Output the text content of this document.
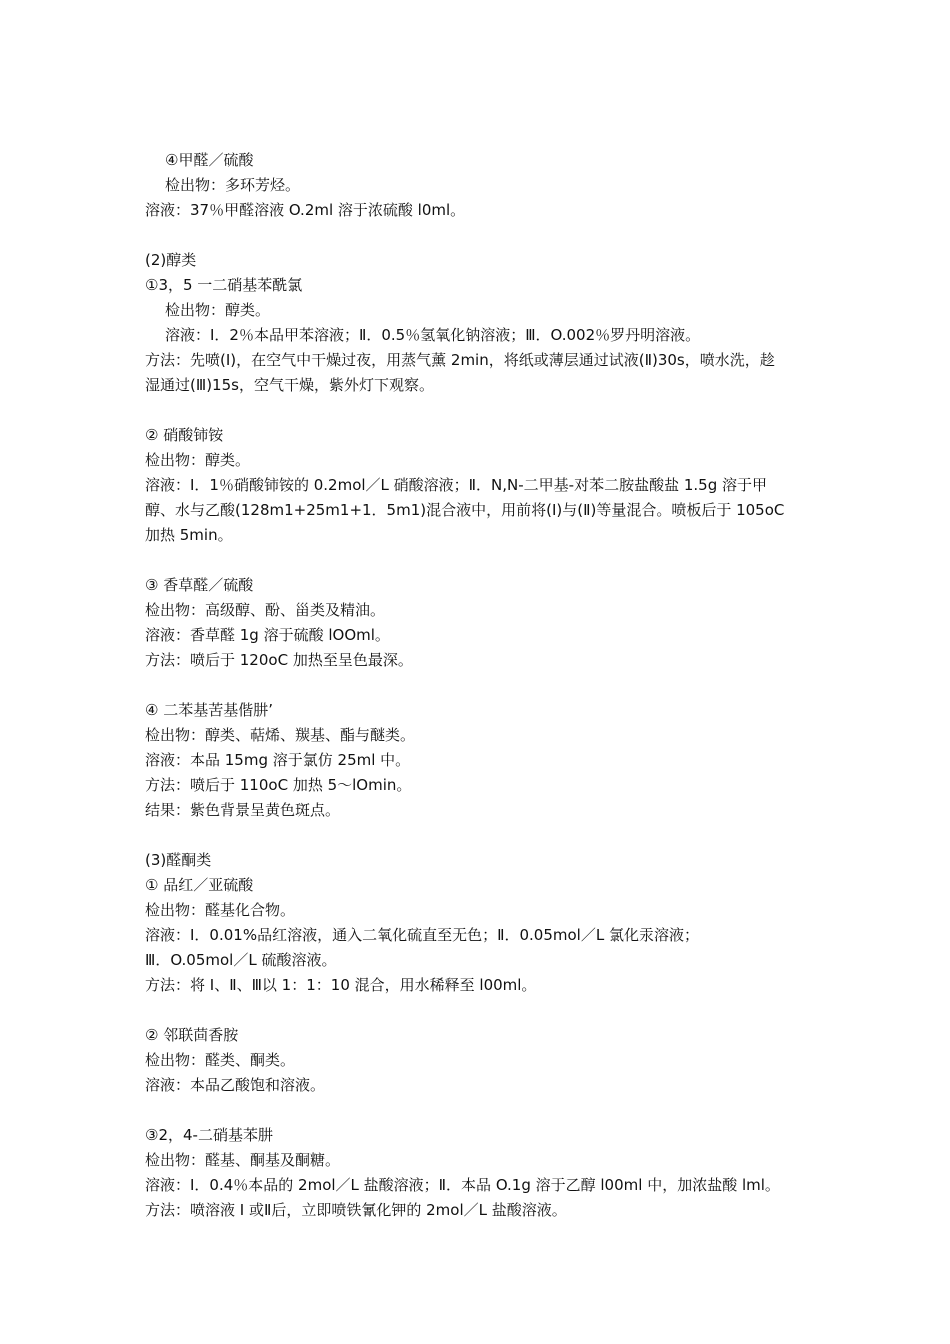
④甲醛／硫酸
检出物：多环芳烃。
溶液：37％甲醛溶液 O.2ml 溶于浓硫酸 l0ml。
(2)醇类
①3，5 一二硝基苯酰氯
检出物：醇类。
溶液：I．2％本品甲苯溶液；Ⅱ．0.5％氢氧化钠溶液；Ⅲ．O.002％罗丹明溶液。
方法：先喷(I)，在空气中干燥过夜，用蒸气薰 2min，将纸或薄层通过试液(Ⅱ)30s，喷水洗，趁
湿通过(Ⅲ)15s，空气干燥，紫外灯下观察。
② 硝酸铈铵
检出物：醇类。
溶液：I．1％硝酸铈铵的 0.2mol／L 硝酸溶液；Ⅱ．N,N-二甲基-对苯二胺盐酸盐 1.5g 溶于甲
醇、水与乙酸(128m1+25m1+1．5m1)混合液中，用前将(I)与(Ⅱ)等量混合。喷板后于 105oC
加热 5min。
③ 香草醛／硫酸
检出物：高级醇、酚、甾类及精油。
溶液：香草醛 1g 溶于硫酸 lOOml。
方法：喷后于 120oC 加热至呈色最深。
④ 二苯基苦基偕肼’
检出物：醇类、萜烯、羰基、酯与醚类。
溶液：本品 15mg 溶于氯仿 25ml 中。
方法：喷后于 110oC 加热 5～lOmin。
结果：紫色背景呈黄色斑点。
(3)醛酮类
① 品红／亚硫酸
检出物：醛基化合物。
溶液：I．0.01%品红溶液，通入二氧化硫直至无色；Ⅱ．0.05mol／L 氯化汞溶液；
Ⅲ．O.05mol／L 硫酸溶液。
方法：将 I、Ⅱ、Ⅲ以 1：1：10 混合，用水稀释至 l00ml。
② 邻联茴香胺
检出物：醛类、酮类。
溶液：本品乙酸饱和溶液。
③2，4-二硝基苯肼
检出物：醛基、酮基及酮糖。
溶液：I．0.4％本品的 2mol／L 盐酸溶液；Ⅱ．本品 O.1g 溶于乙醇 l00ml 中，加浓盐酸 lml。
方法：喷溶液 I 或Ⅱ后，立即喷铁氰化钾的 2mol／L 盐酸溶液。
